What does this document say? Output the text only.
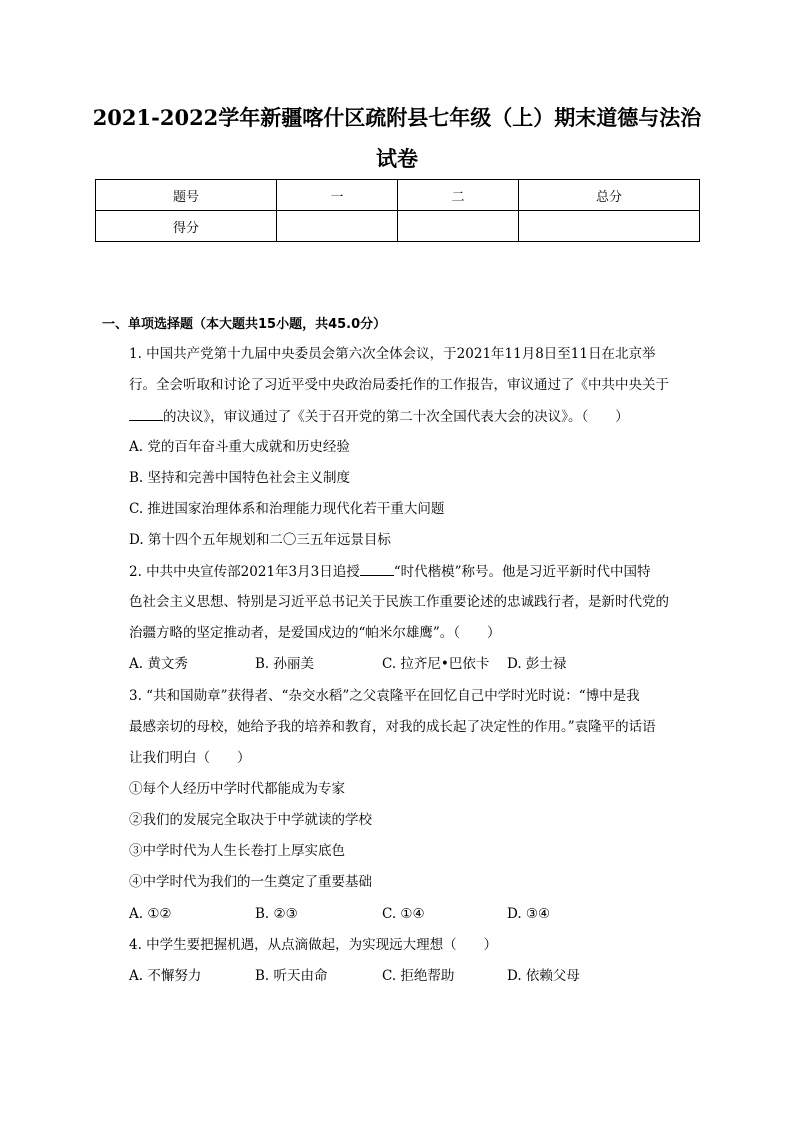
2021-2022学年新疆喀什区疏附县七年级（上）期末道德与法治
试卷
题号	一	二	总分
得分			
一、单项选择题（本大题共15小题，共45.0分）
1. 中国共产党第十九届中央委员会第六次全体会议，于2021年11月8日至11日在北京举
行。全会听取和讨论了习近平受中央政治局委托作的工作报告，审议通过了《中共中央关于
的决议》，审议通过了《关于召开党的第二十次全国代表大会的决议》。（　　）
A. 党的百年奋斗重大成就和历史经验
B. 坚持和完善中国特色社会主义制度
C. 推进国家治理体系和治理能力现代化若干重大问题
D. 第十四个五年规划和二〇三五年远景目标
2. 中共中央宣传部2021年3月3日追授	“时代楷模”称号。他是习近平新时代中国特
色社会主义思想、特别是习近平总书记关于民族工作重要论述的忠诚践行者，是新时代党的
治疆方略的坚定推动者，是爱国戍边的“帕米尔雄鹰”。（　　）
A. 黄文秀	B. 孙丽美	C. 拉齐尼•巴依卡 D. 彭士禄
3. “共和国勋章”获得者、“杂交水稻”之父袁隆平在回忆自己中学时光时说：“博中是我
最感亲切的母校，她给予我的培养和教育，对我的成长起了决定性的作用。”袁隆平的话语
让我们明白（　　）
①每个人经历中学时代都能成为专家
②我们的发展完全取决于中学就读的学校
③中学时代为人生长卷打上厚实底色
④中学时代为我们的一生奠定了重要基础
A. ①②	B. ②③	C. ①④	D. ③④
4. 中学生要把握机遇，从点滴做起，为实现远大理想（　　）
A. 不懈努力	B. 听天由命	C. 拒绝帮助	D. 依赖父母
